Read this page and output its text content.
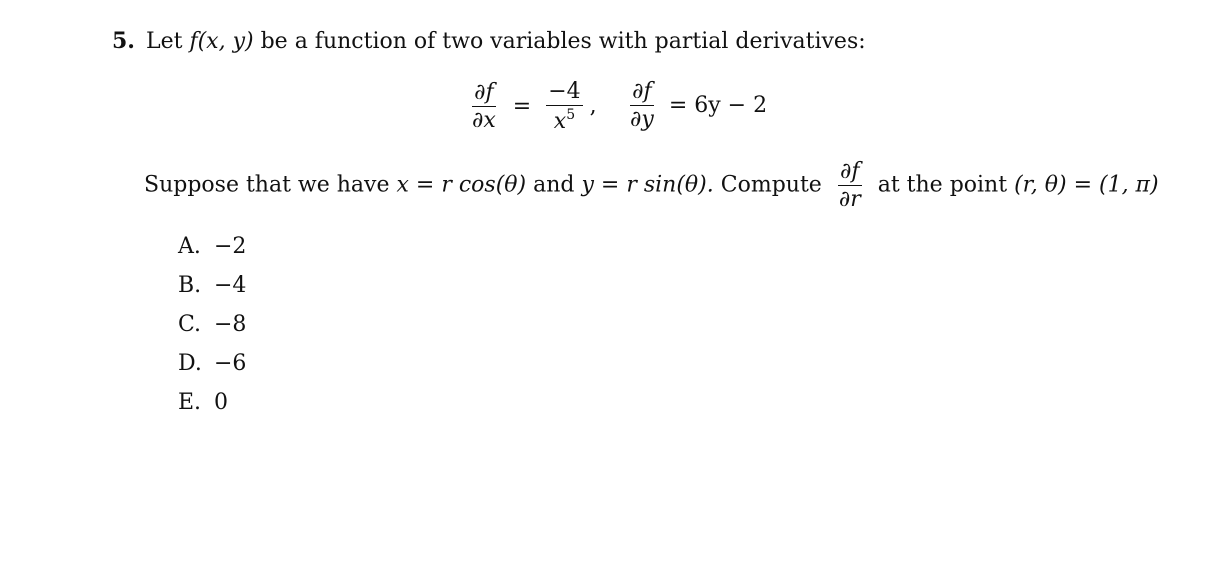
5. Let f(x, y) be a function of two variables with partial derivatives:
$\frac{\partial f}{\partial x} = \frac{-4}{x^5}$ , $\frac{\partial f}{\partial y} = 6y - 2$
Suppose that we have x = r cos(θ) and y = r sin(θ). Compute $\frac{\partial f}{\partial r}$ at the point (r, θ) = (1, π)
A. −2
B. −4
C. −8
D. −6
E. 0
